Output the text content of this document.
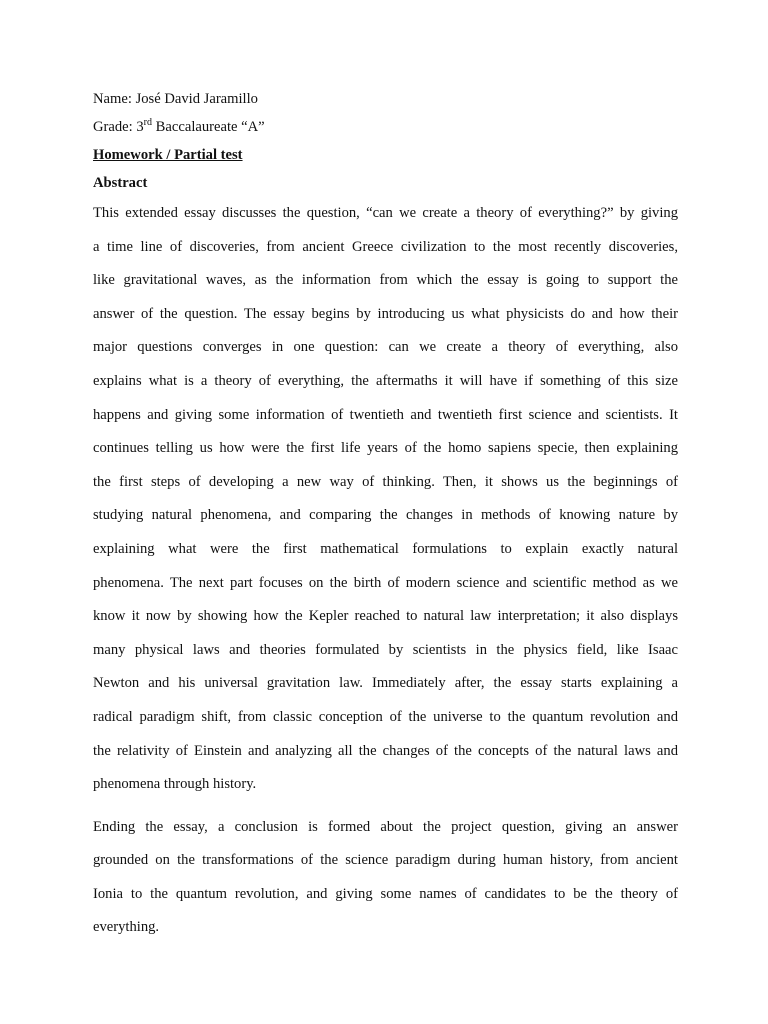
Name: José David Jaramillo

Grade: 3rd Baccalaureate “A”

Homework / Partial test

Abstract

This extended essay discusses the question, “can we create a theory of everything?” by giving
a time line of discoveries, from ancient Greece civilization to the most recently discoveries,
like gravitational waves, as the information from which the essay is going to support the
answer of the question. The essay begins by introducing us what physicists do and how their
major questions converges in one question: can we create a theory of everything, also
explains what is a theory of everything, the aftermaths it will have if something of this size
happens and giving some information of twentieth and twentieth first science and scientists. It
continues telling us how were the first life years of the homo sapiens specie, then explaining
the first steps of developing a new way of thinking. Then, it shows us the beginnings of
studying natural phenomena, and comparing the changes in methods of knowing nature by
explaining what were the first mathematical formulations to explain exactly natural
phenomena. The next part focuses on the birth of modern science and scientific method as we
know it now by showing how the Kepler reached to natural law interpretation; it also displays
many physical laws and theories formulated by scientists in the physics field, like Isaac
Newton and his universal gravitation law. Immediately after, the essay starts explaining a
radical paradigm shift, from classic conception of the universe to the quantum revolution and
the relativity of Einstein and analyzing all the changes of the concepts of the natural laws and
phenomena through history.
Ending the essay, a conclusion is formed about the project question, giving an answer
grounded on the transformations of the science paradigm during human history, from ancient
Ionia to the quantum revolution, and giving some names of candidates to be the theory of
everything.
